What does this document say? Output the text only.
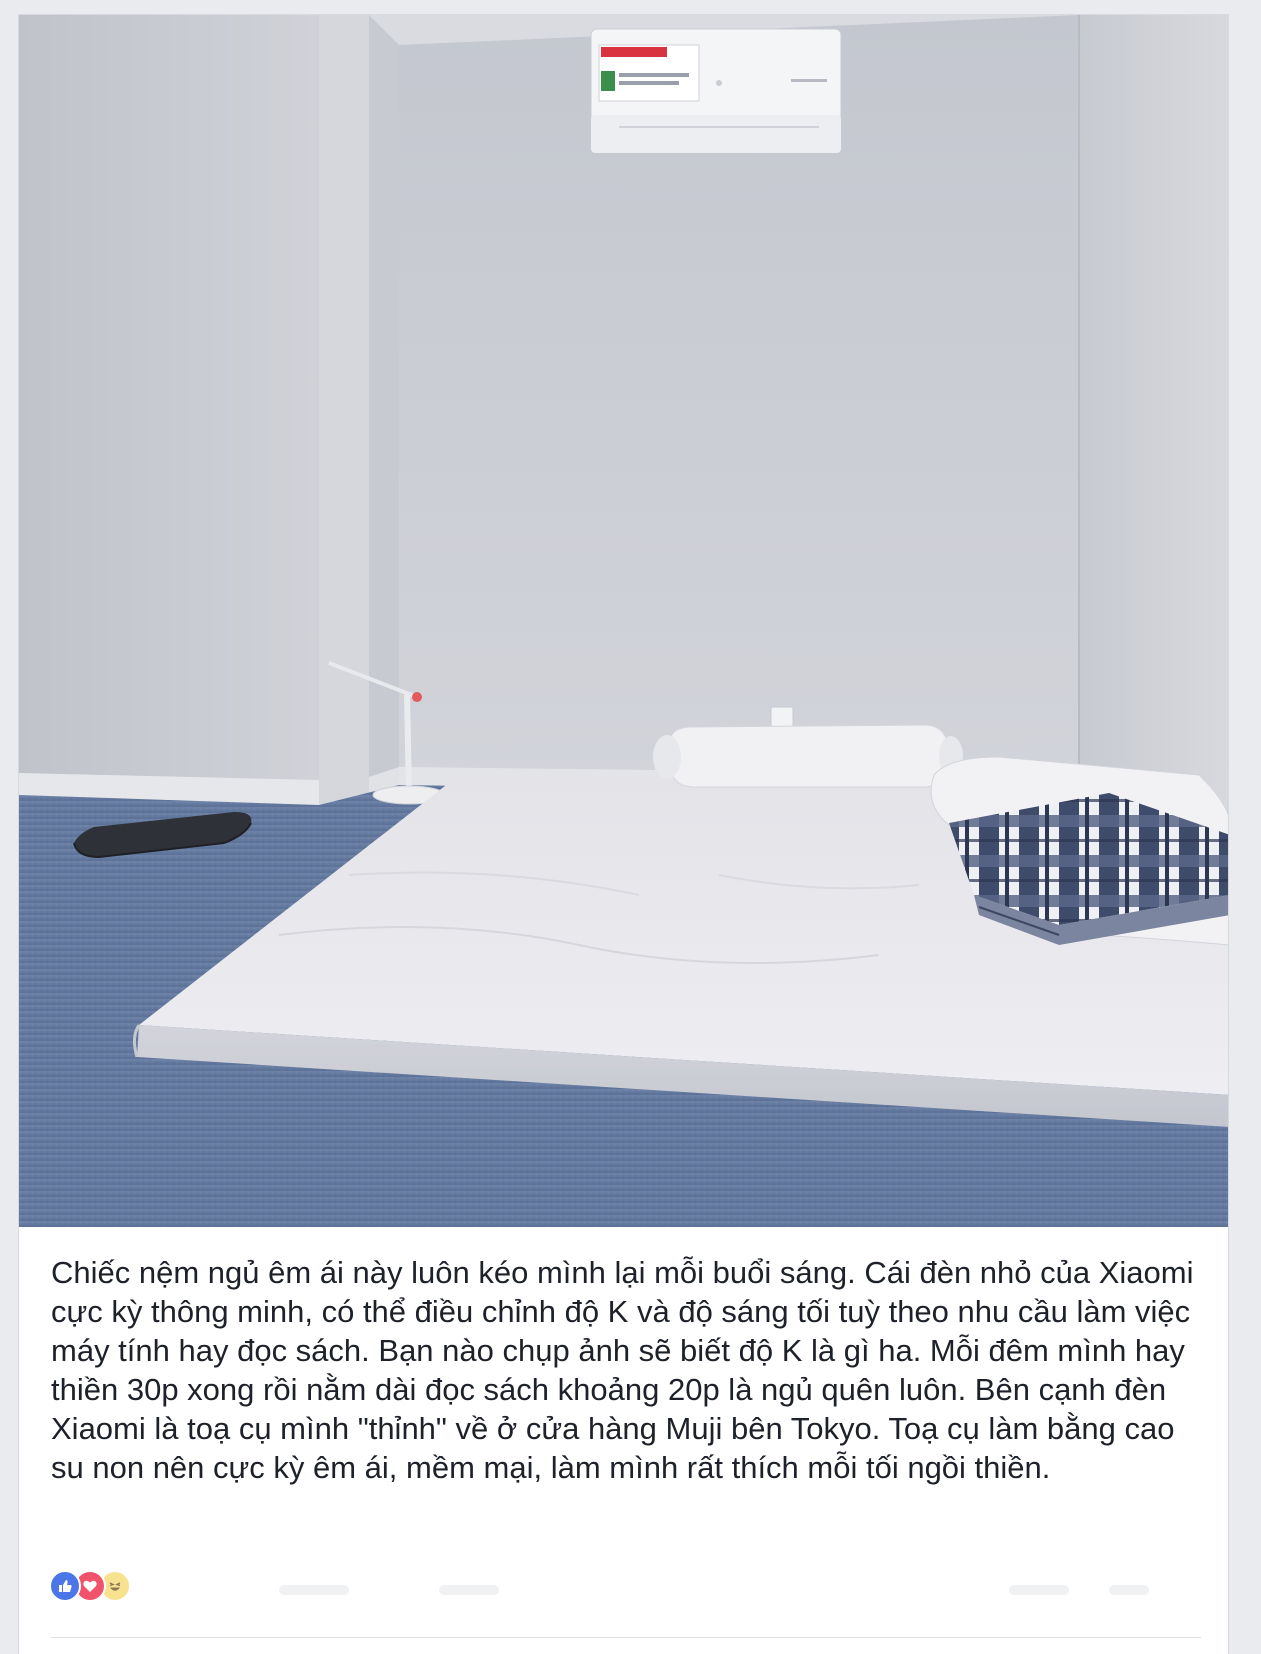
Chiếc nệm ngủ êm ái này luôn kéo mình lại mỗi buổi sáng. Cái đèn nhỏ của Xiaomi cực kỳ thông minh, có thể điều chỉnh độ K và độ sáng tối tuỳ theo nhu cầu làm việc máy tính hay đọc sách. Bạn nào chụp ảnh sẽ biết độ K là gì ha. Mỗi đêm mình hay thiền 30p xong rồi nằm dài đọc sách khoảng 20p là ngủ quên luôn. Bên cạnh đèn Xiaomi là toạ cụ mình "thỉnh" về ở cửa hàng Muji bên Tokyo. Toạ cụ làm bằng cao su non nên cực kỳ êm ái, mềm mại, làm mình rất thích mỗi tối ngồi thiền.
